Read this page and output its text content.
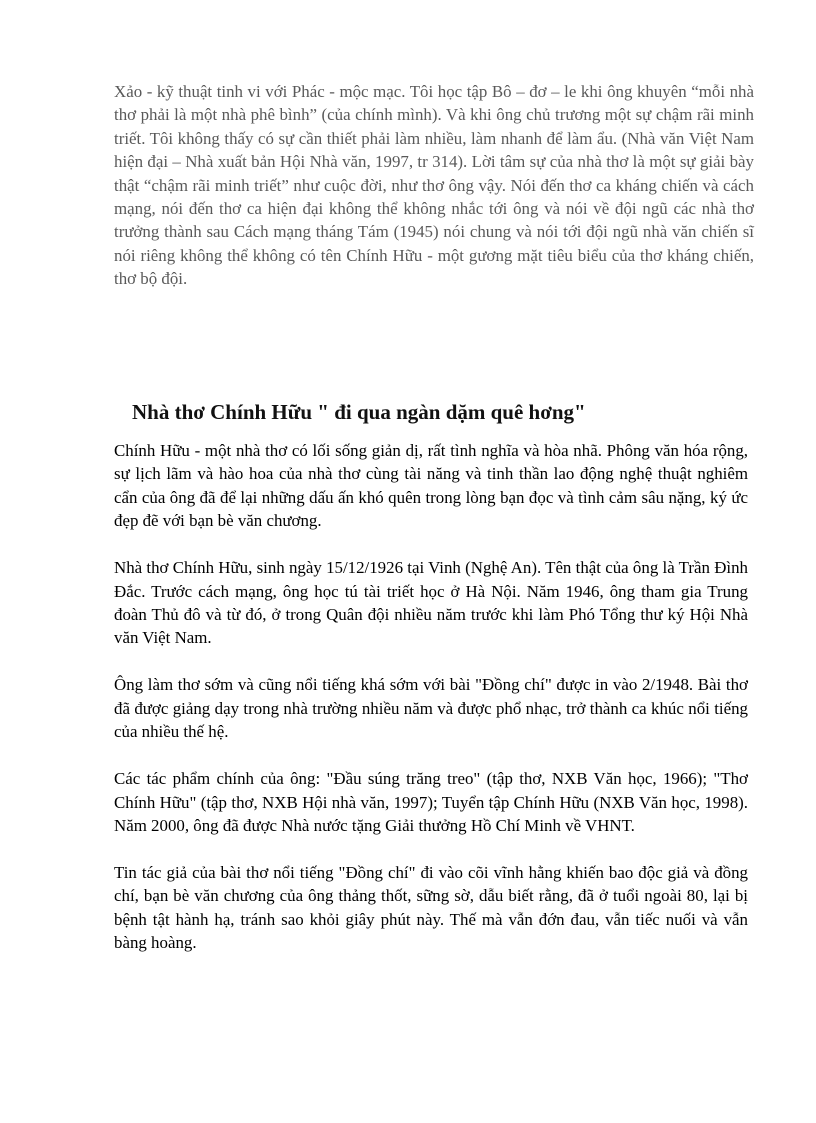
Xảo - kỹ thuật tinh vi với Phác - mộc mạc. Tôi học tập Bô – đơ – le khi ông khuyên “mỗi nhà thơ phải là một nhà phê bình” (của chính mình). Và khi ông chủ trương một sự chậm rãi minh triết. Tôi không thấy có sự cần thiết phải làm nhiều, làm nhanh để làm ẩu. (Nhà văn Việt Nam hiện đại – Nhà xuất bản Hội Nhà văn, 1997, tr 314). Lời tâm sự của nhà thơ là một sự giải bày thật “chậm rãi minh triết” như cuộc đời, như thơ ông vậy. Nói đến thơ ca kháng chiến và cách mạng, nói đến thơ ca hiện đại không thể không nhắc tới ông và nói về đội ngũ các nhà thơ trưởng thành sau Cách mạng tháng Tám (1945) nói chung và nói tới đội ngũ nhà văn chiến sĩ nói riêng không thể không có tên Chính Hữu - một gương mặt tiêu biểu của thơ kháng chiến, thơ bộ đội.

Nhà thơ Chính Hữu " đi qua ngàn dặm quê hơng"

Chính Hữu - một nhà thơ có lối sống giản dị, rất tình nghĩa và hòa nhã. Phông văn hóa rộng, sự lịch lãm và hào hoa của nhà thơ cùng tài năng và tinh thần lao động nghệ thuật nghiêm cẩn của ông đã để lại những dấu ấn khó quên trong lòng bạn đọc và tình cảm sâu nặng, ký ức đẹp đẽ với bạn bè văn chương.

Nhà thơ Chính Hữu, sinh ngày 15/12/1926 tại Vinh (Nghệ An). Tên thật của ông là Trần Đình Đắc. Trước cách mạng, ông học tú tài triết học ở Hà Nội. Năm 1946, ông tham gia Trung đoàn Thủ đô và từ đó, ở trong Quân đội nhiều năm trước khi làm Phó Tổng thư ký Hội Nhà văn Việt Nam.

Ông làm thơ sớm và cũng nổi tiếng khá sớm với bài "Đồng chí" được in vào 2/1948. Bài thơ đã được giảng dạy trong nhà trường nhiều năm và được phổ nhạc, trở thành ca khúc nổi tiếng của nhiều thế hệ.

Các tác phẩm chính của ông: "Đầu súng trăng treo" (tập thơ, NXB Văn học, 1966); "Thơ Chính Hữu" (tập thơ, NXB Hội nhà văn, 1997); Tuyển tập Chính Hữu (NXB Văn học, 1998). Năm 2000, ông đã được Nhà nước tặng Giải thưởng Hồ Chí Minh về VHNT.

Tin tác giả của bài thơ nổi tiếng "Đồng chí" đi vào cõi vĩnh hằng khiến bao độc giả và đồng chí, bạn bè văn chương của ông thảng thốt, sững sờ, dẫu biết rằng, đã ở tuổi ngoài 80, lại bị bệnh tật hành hạ, tránh sao khỏi giây phút này. Thế mà vẫn đớn đau, vẫn tiếc nuối và vẫn bàng hoàng.
